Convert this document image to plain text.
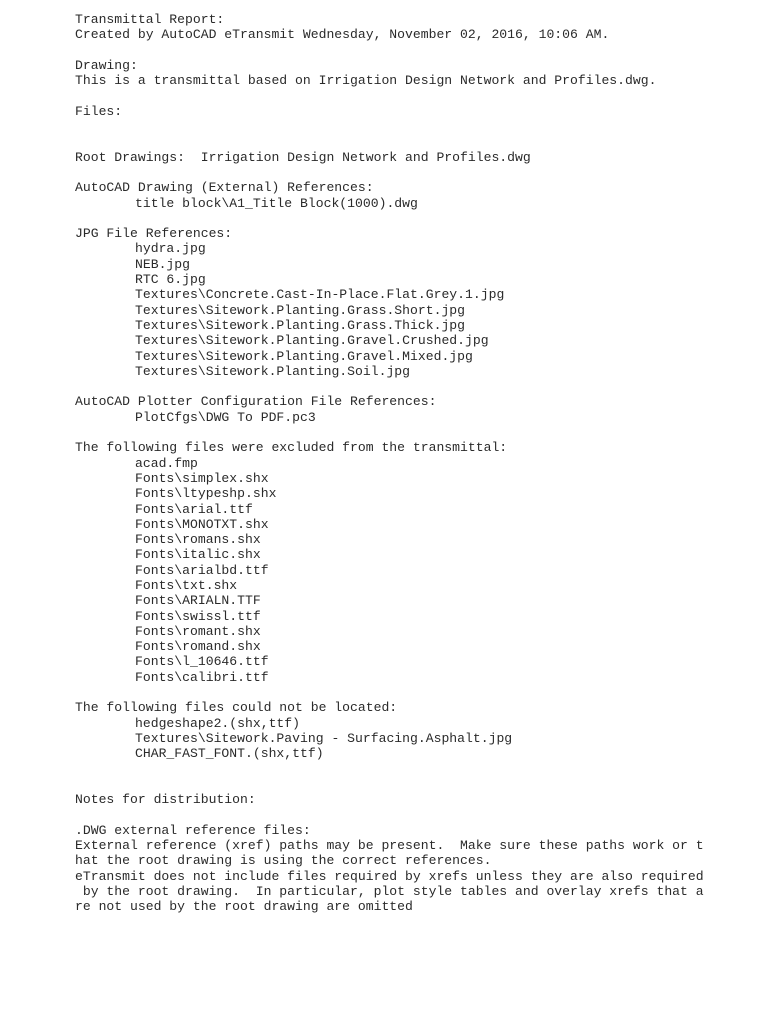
Transmittal Report:
Created by AutoCAD eTransmit Wednesday, November 02, 2016, 10:06 AM.
Drawing:
This is a transmittal based on Irrigation Design Network and Profiles.dwg.
Files:
Root Drawings:  Irrigation Design Network and Profiles.dwg
AutoCAD Drawing (External) References:
title block\A1_Title Block(1000).dwg
JPG File References:
hydra.jpg
NEB.jpg
RTC 6.jpg
Textures\Concrete.Cast-In-Place.Flat.Grey.1.jpg
Textures\Sitework.Planting.Grass.Short.jpg
Textures\Sitework.Planting.Grass.Thick.jpg
Textures\Sitework.Planting.Gravel.Crushed.jpg
Textures\Sitework.Planting.Gravel.Mixed.jpg
Textures\Sitework.Planting.Soil.jpg
AutoCAD Plotter Configuration File References:
PlotCfgs\DWG To PDF.pc3
The following files were excluded from the transmittal:
acad.fmp
Fonts\simplex.shx
Fonts\ltypeshp.shx
Fonts\arial.ttf
Fonts\MONOTXT.shx
Fonts\romans.shx
Fonts\italic.shx
Fonts\arialbd.ttf
Fonts\txt.shx
Fonts\ARIALN.TTF
Fonts\swissl.ttf
Fonts\romant.shx
Fonts\romand.shx
Fonts\l_10646.ttf
Fonts\calibri.ttf
The following files could not be located:
hedgeshape2.(shx,ttf)
Textures\Sitework.Paving - Surfacing.Asphalt.jpg
CHAR_FAST_FONT.(shx,ttf)
Notes for distribution:
.DWG external reference files:
External reference (xref) paths may be present.  Make sure these paths work or t
hat the root drawing is using the correct references.
eTransmit does not include files required by xrefs unless they are also required
by the root drawing.  In particular, plot style tables and overlay xrefs that a
re not used by the root drawing are omitted
